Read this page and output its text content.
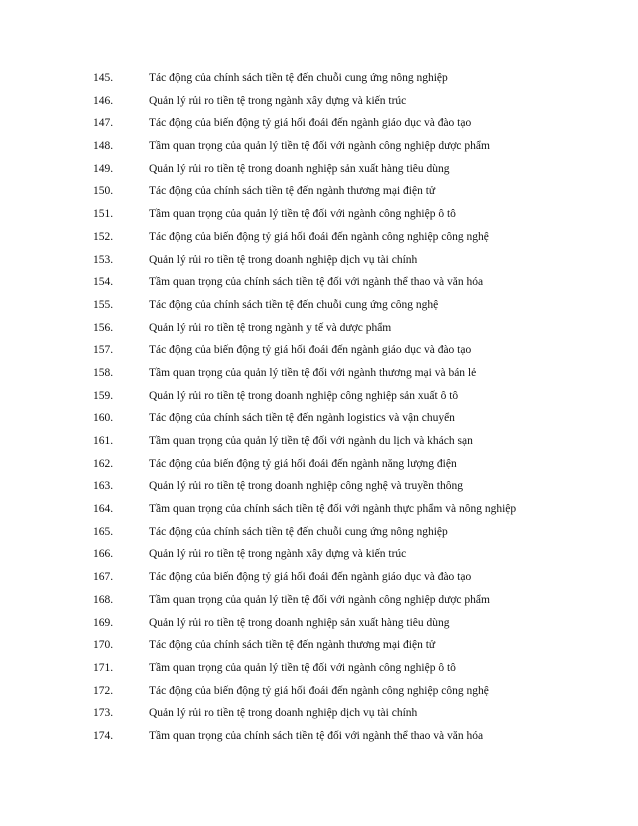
145.	Tác động của chính sách tiền tệ đến chuỗi cung ứng nông nghiệp
146.	Quản lý rủi ro tiền tệ trong ngành xây dựng và kiến trúc
147.	Tác động của biến động tỷ giá hối đoái đến ngành giáo dục và đào tạo
148.	Tầm quan trọng của quản lý tiền tệ đối với ngành công nghiệp dược phẩm
149.	Quản lý rủi ro tiền tệ trong doanh nghiệp sản xuất hàng tiêu dùng
150.	Tác động của chính sách tiền tệ đến ngành thương mại điện tử
151.	Tầm quan trọng của quản lý tiền tệ đối với ngành công nghiệp ô tô
152.	Tác động của biến động tỷ giá hối đoái đến ngành công nghiệp công nghệ
153.	Quản lý rủi ro tiền tệ trong doanh nghiệp dịch vụ tài chính
154.	Tầm quan trọng của chính sách tiền tệ đối với ngành thể thao và văn hóa
155.	Tác động của chính sách tiền tệ đến chuỗi cung ứng công nghệ
156.	Quản lý rủi ro tiền tệ trong ngành y tế và dược phẩm
157.	Tác động của biến động tỷ giá hối đoái đến ngành giáo dục và đào tạo
158.	Tầm quan trọng của quản lý tiền tệ đối với ngành thương mại và bán lẻ
159.	Quản lý rủi ro tiền tệ trong doanh nghiệp công nghiệp sản xuất ô tô
160.	Tác động của chính sách tiền tệ đến ngành logistics và vận chuyển
161.	Tầm quan trọng của quản lý tiền tệ đối với ngành du lịch và khách sạn
162.	Tác động của biến động tỷ giá hối đoái đến ngành năng lượng điện
163.	Quản lý rủi ro tiền tệ trong doanh nghiệp công nghệ và truyền thông
164.	Tầm quan trọng của chính sách tiền tệ đối với ngành thực phẩm và nông nghiệp
165.	Tác động của chính sách tiền tệ đến chuỗi cung ứng nông nghiệp
166.	Quản lý rủi ro tiền tệ trong ngành xây dựng và kiến trúc
167.	Tác động của biến động tỷ giá hối đoái đến ngành giáo dục và đào tạo
168.	Tầm quan trọng của quản lý tiền tệ đối với ngành công nghiệp dược phẩm
169.	Quản lý rủi ro tiền tệ trong doanh nghiệp sản xuất hàng tiêu dùng
170.	Tác động của chính sách tiền tệ đến ngành thương mại điện tử
171.	Tầm quan trọng của quản lý tiền tệ đối với ngành công nghiệp ô tô
172.	Tác động của biến động tỷ giá hối đoái đến ngành công nghiệp công nghệ
173.	Quản lý rủi ro tiền tệ trong doanh nghiệp dịch vụ tài chính
174.	Tầm quan trọng của chính sách tiền tệ đối với ngành thể thao và văn hóa
